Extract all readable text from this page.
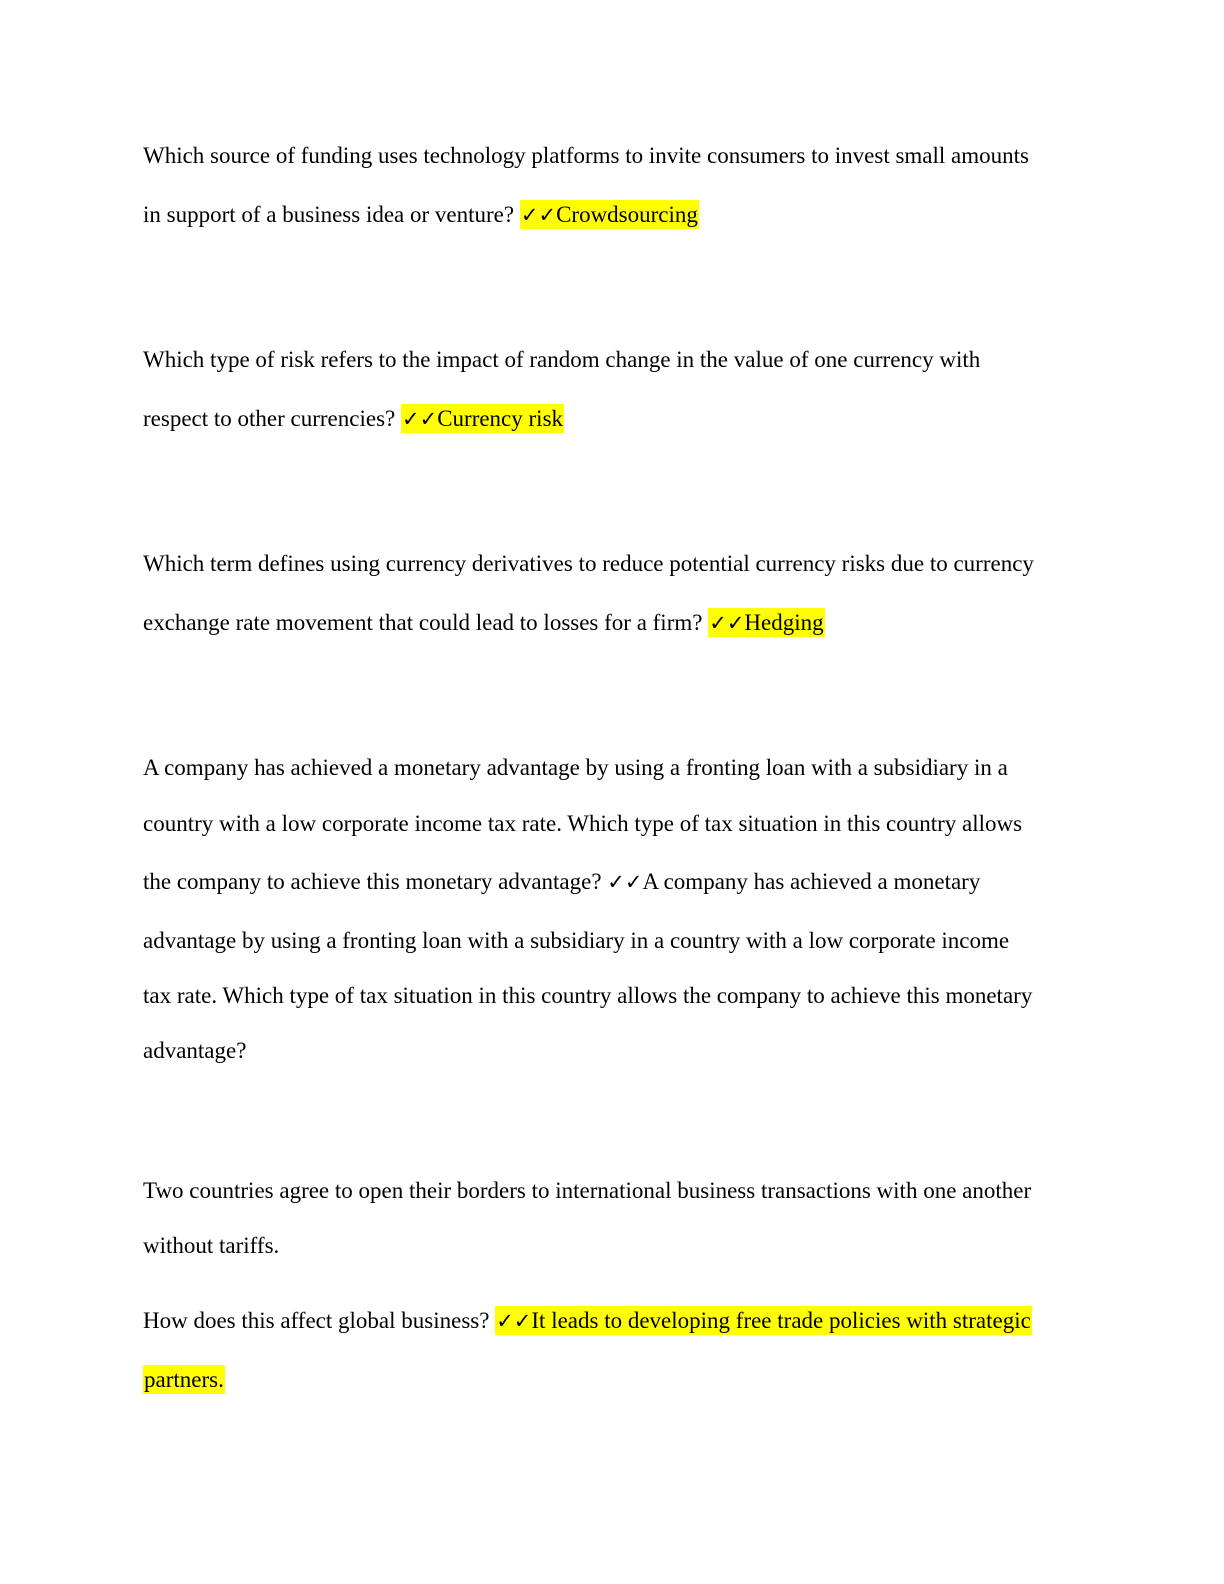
Which source of funding uses technology platforms to invite consumers to invest small amounts
in support of a business idea or venture? ✓✓Crowdsourcing
Which type of risk refers to the impact of random change in the value of one currency with
respect to other currencies? ✓✓Currency risk
Which term defines using currency derivatives to reduce potential currency risks due to currency
exchange rate movement that could lead to losses for a firm? ✓✓Hedging
A company has achieved a monetary advantage by using a fronting loan with a subsidiary in a
country with a low corporate income tax rate. Which type of tax situation in this country allows
the company to achieve this monetary advantage? ✓✓A company has achieved a monetary
advantage by using a fronting loan with a subsidiary in a country with a low corporate income
tax rate. Which type of tax situation in this country allows the company to achieve this monetary
advantage?
Two countries agree to open their borders to international business transactions with one another
without tariffs.
How does this affect global business? ✓✓It leads to developing free trade policies with strategic
partners.
